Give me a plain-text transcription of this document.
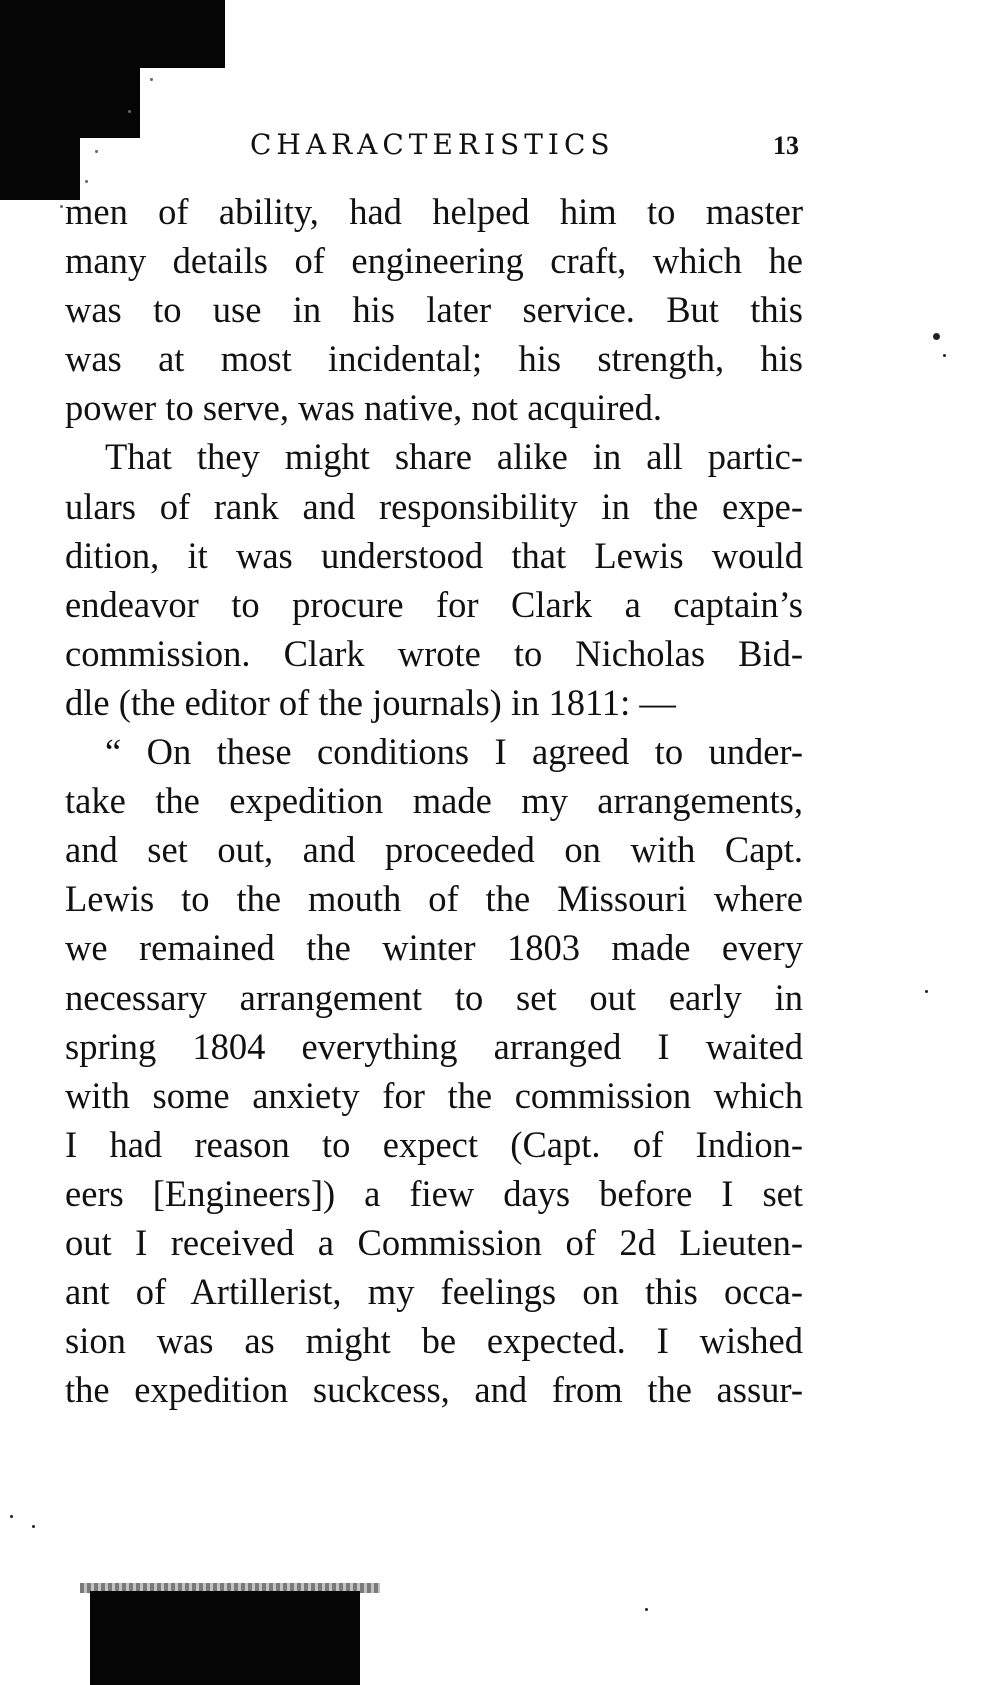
CHARACTERISTICS	13
men of ability, had helped him to master
many details of engineering craft, which he
was to use in his later service. But this
was at most incidental; his strength, his
power to serve, was native, not acquired.
That they might share alike in all partic-
ulars of rank and responsibility in the expe-
dition, it was understood that Lewis would
endeavor to procure for Clark a captain’s
commission. Clark wrote to Nicholas Bid-
dle (the editor of the journals) in 1811: —
“ On these conditions I agreed to under-
take the expedition made my arrangements,
and set out, and proceeded on with Capt.
Lewis to the mouth of the Missouri where
we remained the winter 1803 made every
necessary arrangement to set out early in
spring 1804 everything arranged I waited
with some anxiety for the commission which
I had reason to expect (Capt. of Indion-
eers [Engineers]) a fiew days before I set
out I received a Commission of 2d Lieuten-
ant of Artillerist, my feelings on this occa-
sion was as might be expected. I wished
the expedition suckcess, and from the assur-
